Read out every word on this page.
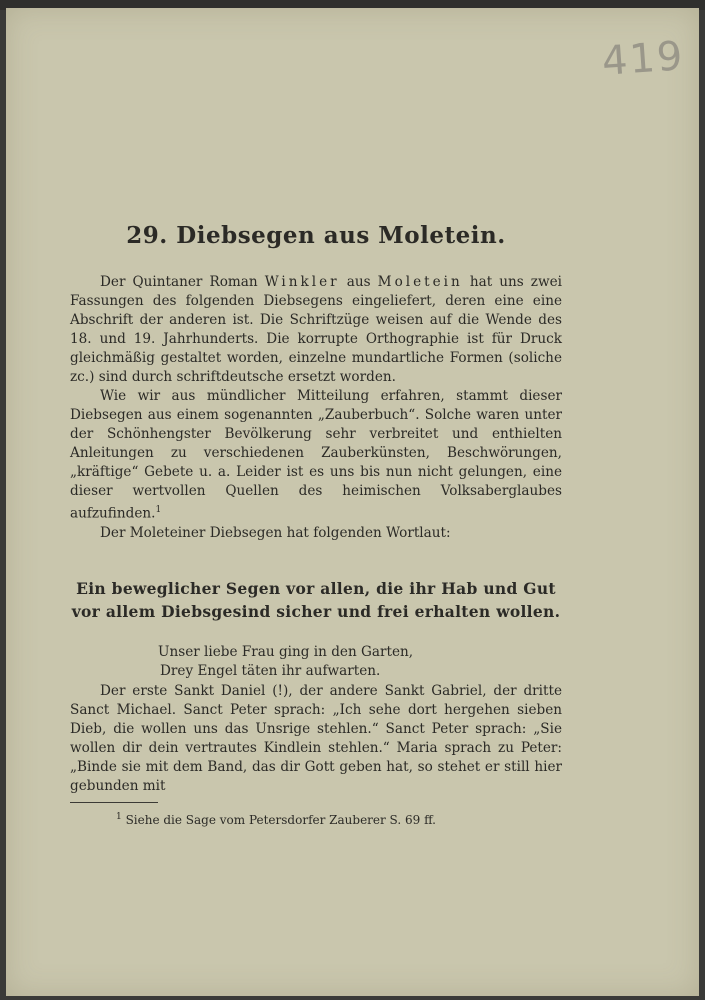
419
29. Diebsegen aus Moletein.

Der Quintaner Roman Winkler aus Moletein hat uns zwei Fassungen des folgenden Diebsegens eingeliefert, deren eine eine Abschrift der anderen ist. Die Schriftzüge weisen auf die Wende des 18. und 19. Jahrhunderts. Die korrupte Orthographie ist für Druck gleichmäßig gestaltet worden, einzelne mundartliche Formen (soliche zc.) sind durch schriftdeutsche ersetzt worden.

Wie wir aus mündlicher Mitteilung erfahren, stammt dieser Diebsegen aus einem sogenannten „Zauberbuch“. Solche waren unter der Schönhengster Bevölkerung sehr verbreitet und enthielten Anleitungen zu verschiedenen Zauberkünsten, Beschwörungen, „kräftige“ Gebete u. a. Leider ist es uns bis nun nicht gelungen, eine dieser wertvollen Quellen des heimischen Volksaberglaubes aufzufinden.$^1$

Der Moleteiner Diebsegen hat folgenden Wortlaut:

Ein beweglicher Segen vor allen, die ihr Hab und Gut vor allem Diebsgesind sicher und frei erhalten wollen.

Unser liebe Frau ging in den Garten,

Drey Engel täten ihr aufwarten.

Der erste Sankt Daniel (!), der andere Sankt Gabriel, der dritte Sanct Michael. Sanct Peter sprach: „Ich sehe dort hergehen sieben Dieb, die wollen uns das Unsrige stehlen.“ Sanct Peter sprach: „Sie wollen dir dein vertrautes Kindlein stehlen.“ Maria sprach zu Peter: „Binde sie mit dem Band, das dir Gott geben hat, so stehet er still hier gebunden mit

$^1$ Siehe die Sage vom Petersdorfer Zauberer S. 69 ff.
